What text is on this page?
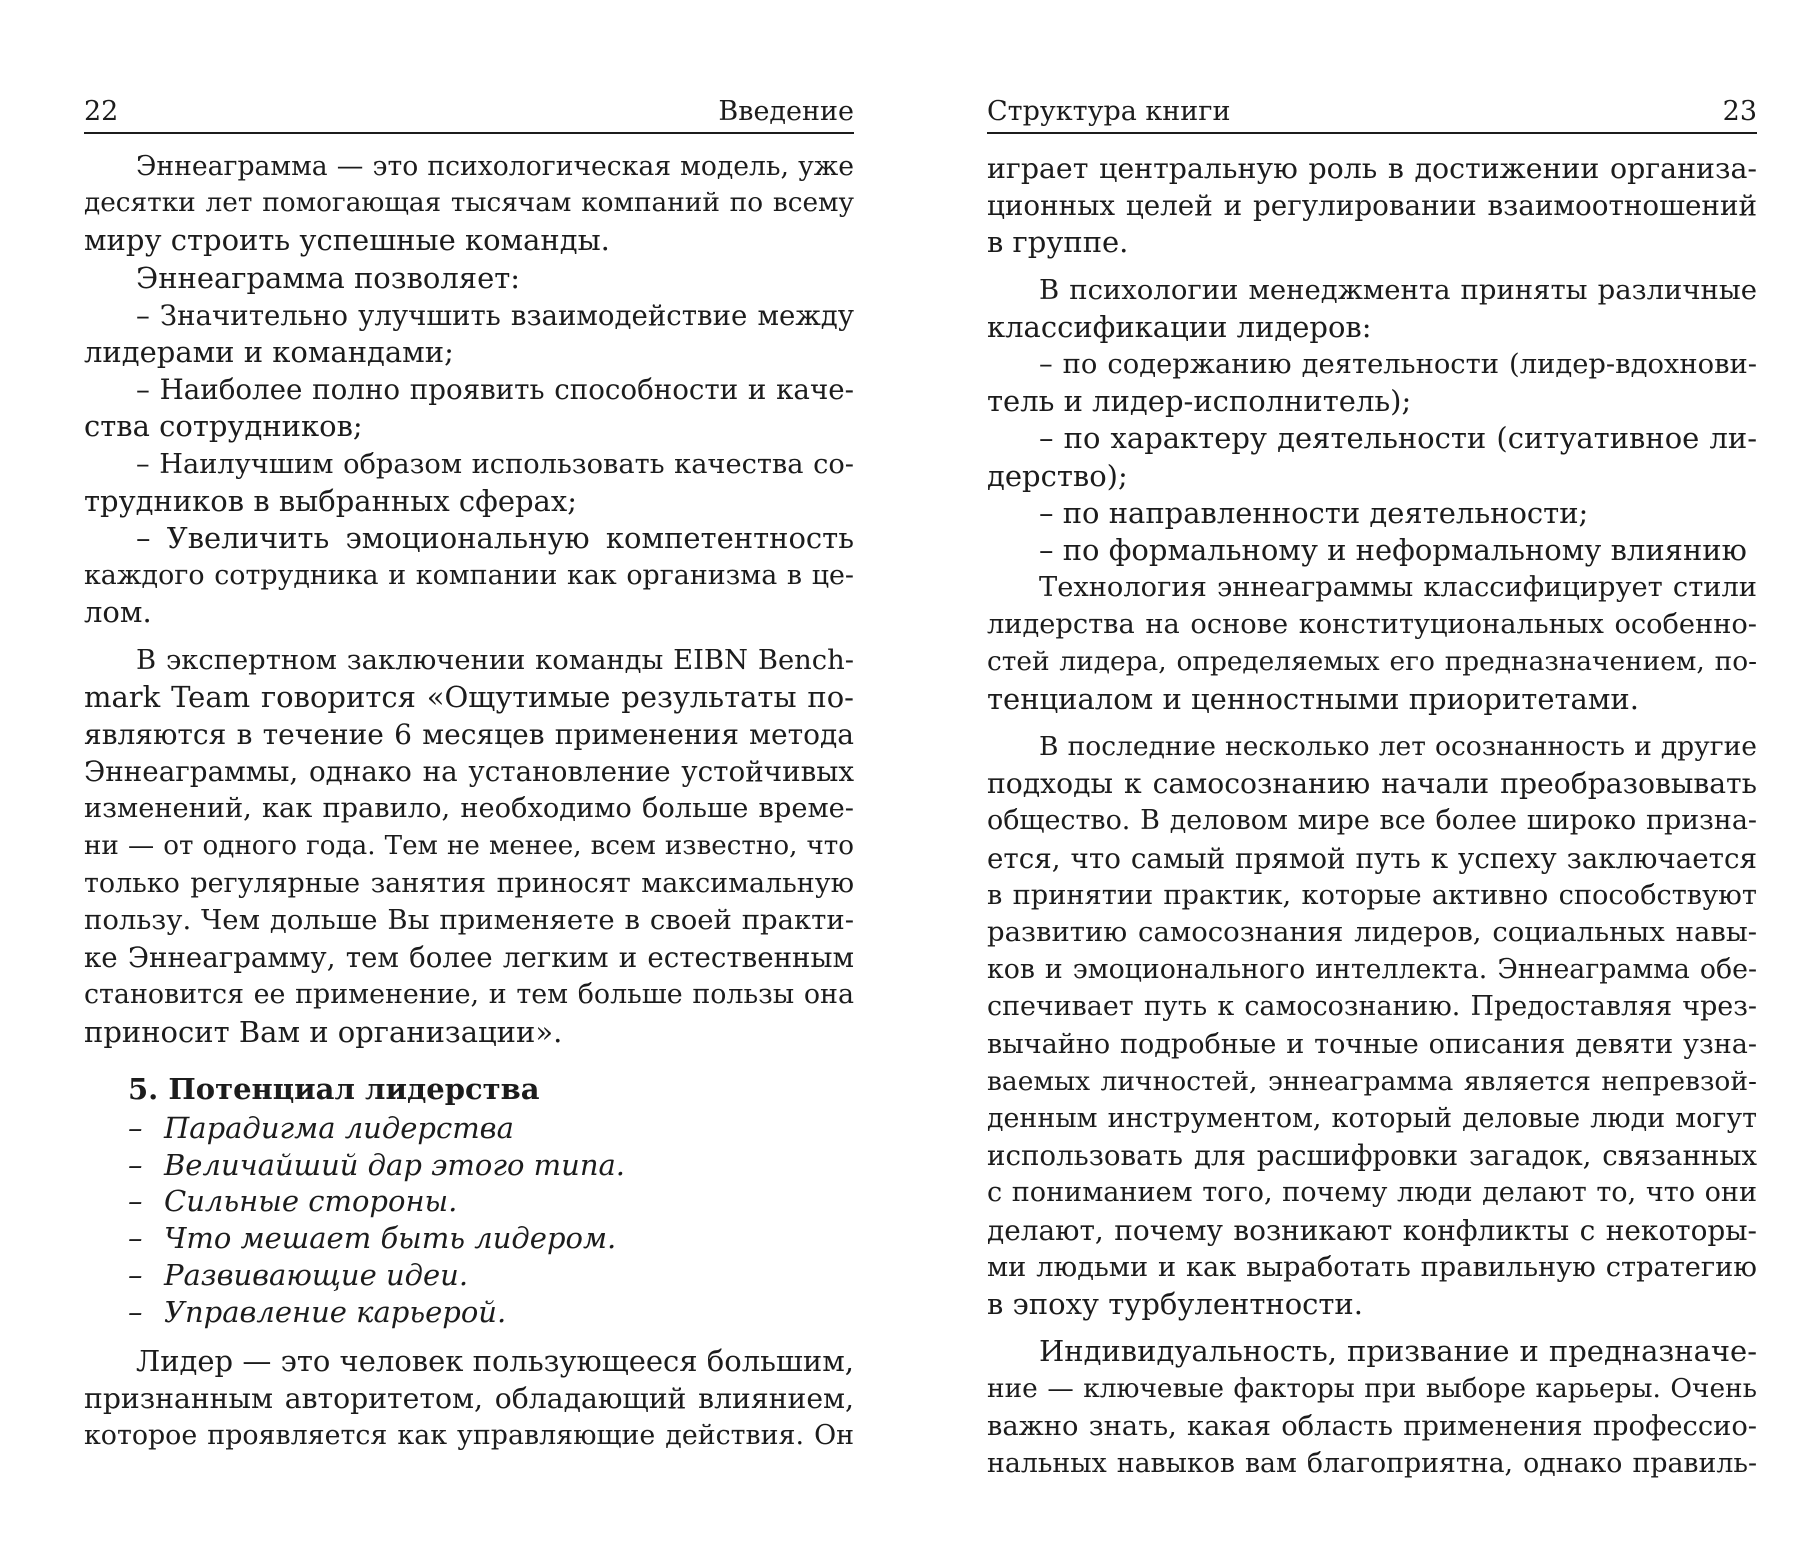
22	Введение
Эннеаграмма — это психологическая модель, уже
десятки лет помогающая тысячам компаний по всему
миру строить успешные команды.
Эннеаграмма позволяет:
– Значительно улучшить взаимодействие между
лидерами и командами;
– Наиболее полно проявить способности и каче-
ства сотрудников;
– Наилучшим образом использовать качества со-
трудников в выбранных сферах;
– Увеличить эмоциональную компетентность
каждого сотрудника и компании как организма в це-
лом.
В экспертном заключении команды EIBN Bench-
mark Team говорится «Ощутимые результаты по-
являются в течение 6 месяцев применения метода
Эннеаграммы, однако на установление устойчивых
изменений, как правило, необходимо больше време-
ни — от одного года. Тем не менее, всем известно, что
только регулярные занятия приносят максимальную
пользу. Чем дольше Вы применяете в своей практи-
ке Эннеаграмму, тем более легким и естественным
становится ее применение, и тем больше пользы она
приносит Вам и организации».
5. Потенциал лидерства
– Парадигма лидерства
– Величайший дар этого типа.
– Сильные стороны.
– Что мешает быть лидером.
– Развивающие идеи.
– Управление карьерой.
Лидер — это человек пользующееся большим,
признанным авторитетом, обладающий влиянием,
которое проявляется как управляющие действия. Он
Структура книги	23
играет центральную роль в достижении организа-
ционных целей и регулировании взаимоотношений
в группе.
В психологии менеджмента приняты различные
классификации лидеров:
– по содержанию деятельности (лидер-вдохнови-
тель и лидер-исполнитель);
– по характеру деятельности (ситуативное ли-
дерство);
– по направленности деятельности;
– по формальному и неформальному влиянию
Технология эннеаграммы классифицирует стили
лидерства на основе конституциональных особенно-
стей лидера, определяемых его предназначением, по-
тенциалом и ценностными приоритетами.
В последние несколько лет осознанность и другие
подходы к самосознанию начали преобразовывать
общество. В деловом мире все более широко призна-
ется, что самый прямой путь к успеху заключается
в принятии практик, которые активно способствуют
развитию самосознания лидеров, социальных навы-
ков и эмоционального интеллекта. Эннеаграмма обе-
спечивает путь к самосознанию. Предоставляя чрез-
вычайно подробные и точные описания девяти узна-
ваемых личностей, эннеаграмма является непревзой-
денным инструментом, который деловые люди могут
использовать для расшифровки загадок, связанных
с пониманием того, почему люди делают то, что они
делают, почему возникают конфликты с некоторы-
ми людьми и как выработать правильную стратегию
в эпоху турбулентности.
Индивидуальность, призвание и предназначе-
ние — ключевые факторы при выборе карьеры. Очень
важно знать, какая область применения профессио-
нальных навыков вам благоприятна, однако правиль-
